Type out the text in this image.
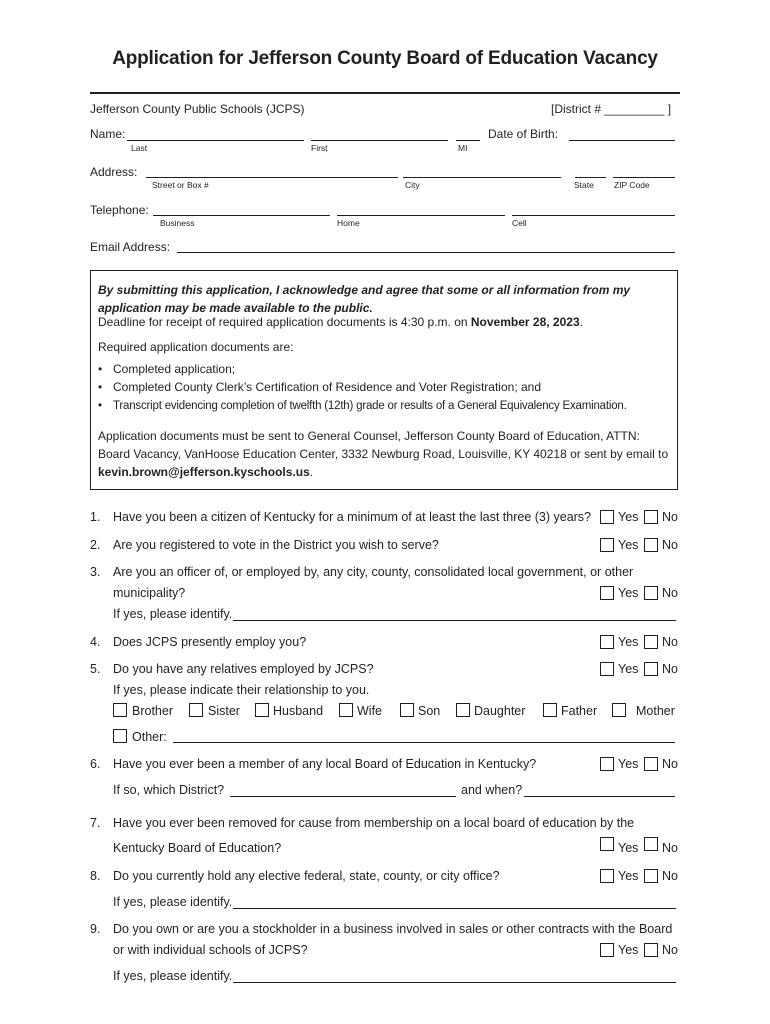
Application for Jefferson County Board of Education Vacancy
Jefferson County Public Schools (JCPS)	[District # _________ ]
Name:	Date of Birth:
Last	First	MI
Address:
Street or Box #	City	State ZIP Code
Telephone:
Business	Home	Cell
Email Address:
By submitting this application, I acknowledge and agree that some or all information from my application may be made available to the public.
Deadline for receipt of required application documents is 4:30 p.m. on November 28, 2023.
Required application documents are:
• Completed application;
• Completed County Clerk’s Certification of Residence and Voter Registration; and
• Transcript evidencing completion of twelfth (12th) grade or results of a General Equivalency Examination.
Application documents must be sent to General Counsel, Jefferson County Board of Education, ATTN: Board Vacancy, VanHoose Education Center, 3332 Newburg Road, Louisville, KY 40218 or sent by email to kevin.brown@jefferson.kyschools.us.
1. Have you been a citizen of Kentucky for a minimum of at least the last three (3) years? Yes No
2. Are you registered to vote in the District you wish to serve?	Yes No
3. Are you an officer of, or employed by, any city, county, consolidated local government, or other
municipality?	Yes No
If yes, please identify.
4. Does JCPS presently employ you?	Yes No
5. Do you have any relatives employed by JCPS?	Yes No
If yes, please indicate their relationship to you.
Brother	Sister	Husband	Wife	Son	Daughter	Father	Mother
Other:
6. Have you ever been a member of any local Board of Education in Kentucky?	Yes No
If so, which District?	and when?
7. Have you ever been removed for cause from membership on a local board of education by the
Kentucky Board of Education?	Yes No
8. Do you currently hold any elective federal, state, county, or city office?	Yes No
If yes, please identify.
9. Do you own or are you a stockholder in a business involved in sales or other contracts with the Board
or with individual schools of JCPS?	Yes No
If yes, please identify.
